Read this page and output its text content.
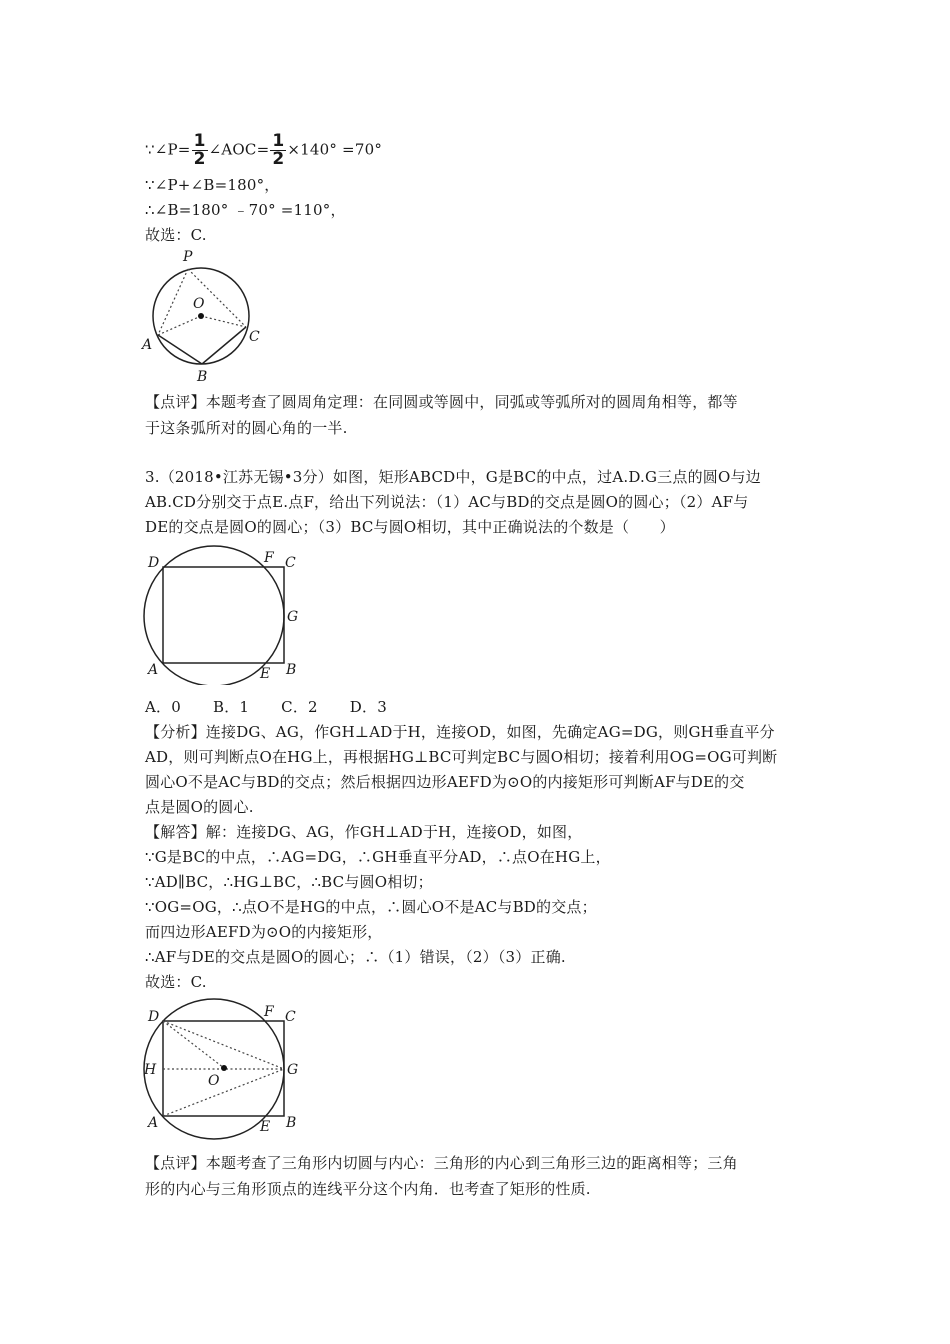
∵∠P= $\frac{1}{2}$ ∠AOC= $\frac{1}{2} \times 140^\circ =70^\circ$
∵∠P+∠B=180°，
∴∠B=180° ﹣70° =110°，
故选：C.
P
O
A
B
C
【点评】本题考查了圆周角定理：在同圆或等圆中，同弧或等弧所对的圆周角相等，都等
于这条弧所对的圆心角的一半.
3.（2018•江苏无锡•3分）如图，矩形ABCD中，G是BC的中点，过A.D.G三点的圆O与边
AB.CD分别交于点E.点F，给出下列说法：（1）AC与BD的交点是圆O的圆心；（2）AF与
DE的交点是圆O的圆心；（3）BC与圆O相切，其中正确说法的个数是（　　）
D	F C
G
A	E B
A．0 B．1 C．2 D．3
【分析】连接DG、AG，作GH⊥AD于H，连接OD，如图，先确定AG=DG，则GH垂直平分
AD，则可判断点O在HG上，再根据HG⊥BC可判定BC与圆O相切；接着利用OG=OG可判断
圆心O不是AC与BD的交点；然后根据四边形AEFD为⊙O的内接矩形可判断AF与DE的交
点是圆O的圆心.
【解答】解：连接DG、AG，作GH⊥AD于H，连接OD，如图，
∵G是BC的中点，∴AG=DG，∴GH垂直平分AD，∴点O在HG上，
∵AD∥BC，∴HG⊥BC，∴BC与圆O相切；
∵OG=OG，∴点O不是HG的中点，∴圆心O不是AC与BD的交点；
而四边形AEFD为⊙O的内接矩形，
∴AF与DE的交点是圆O的圆心；∴（1）错误，（2）（3）正确.
故选：C.
D	F C
H
O
G
A	E B
【点评】本题考查了三角形内切圆与内心：三角形的内心到三角形三边的距离相等；三角
形的内心与三角形顶点的连线平分这个内角．也考查了矩形的性质.
